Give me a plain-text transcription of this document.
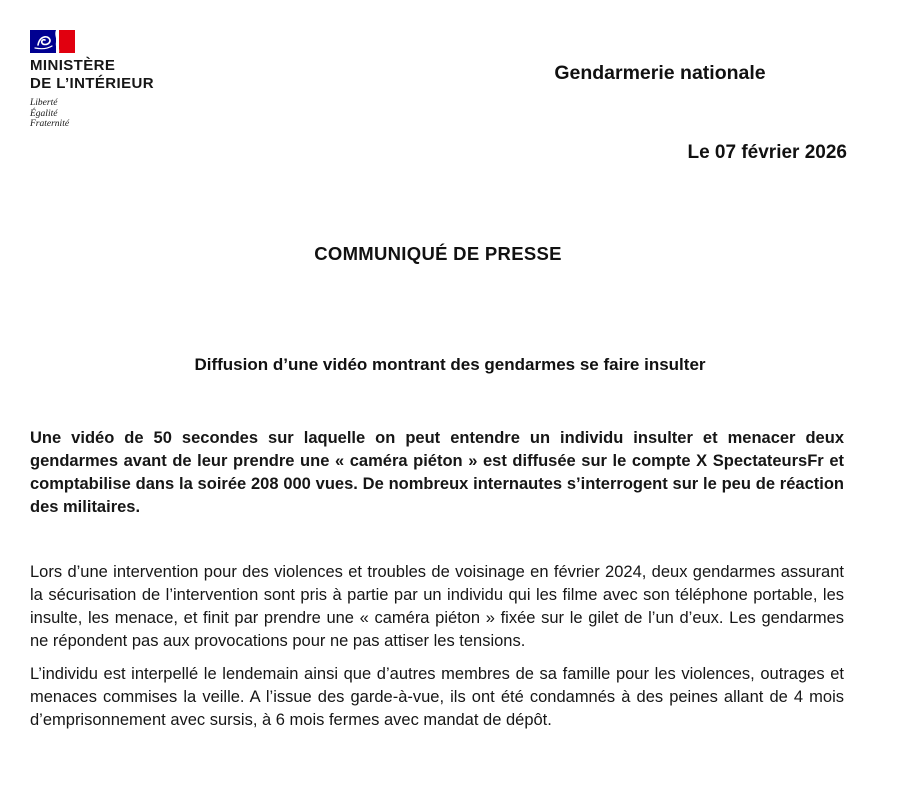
MINISTÈRE
DE L’INTÉRIEUR
Liberté
Égalité
Fraternité
Gendarmerie nationale
Le 07 février 2026
COMMUNIQUÉ DE PRESSE
Diffusion d’une vidéo montrant des gendarmes se faire insulter

Une vidéo de 50 secondes sur laquelle on peut entendre un individu insulter et menacer deux gendarmes avant de leur prendre une « caméra piéton » est diffusée sur le compte X SpectateursFr et comptabilise dans la soirée 208 000 vues. De nombreux internautes s’interrogent sur le peu de réaction des militaires.

Lors d’une intervention pour des violences et troubles de voisinage en février 2024, deux gendarmes assurant la sécurisation de l’intervention sont pris à partie par un individu qui les filme avec son téléphone portable, les insulte, les menace, et finit par prendre une « caméra piéton » fixée sur le gilet de l’un d’eux. Les gendarmes ne répondent pas aux provocations pour ne pas attiser les tensions.

L’individu est interpellé le lendemain ainsi que d’autres membres de sa famille pour les violences, outrages et menaces commises la veille. A l’issue des garde-à-vue, ils ont été condamnés à des peines allant de 4 mois d’emprisonnement avec sursis, à 6 mois fermes avec mandat de dépôt.
